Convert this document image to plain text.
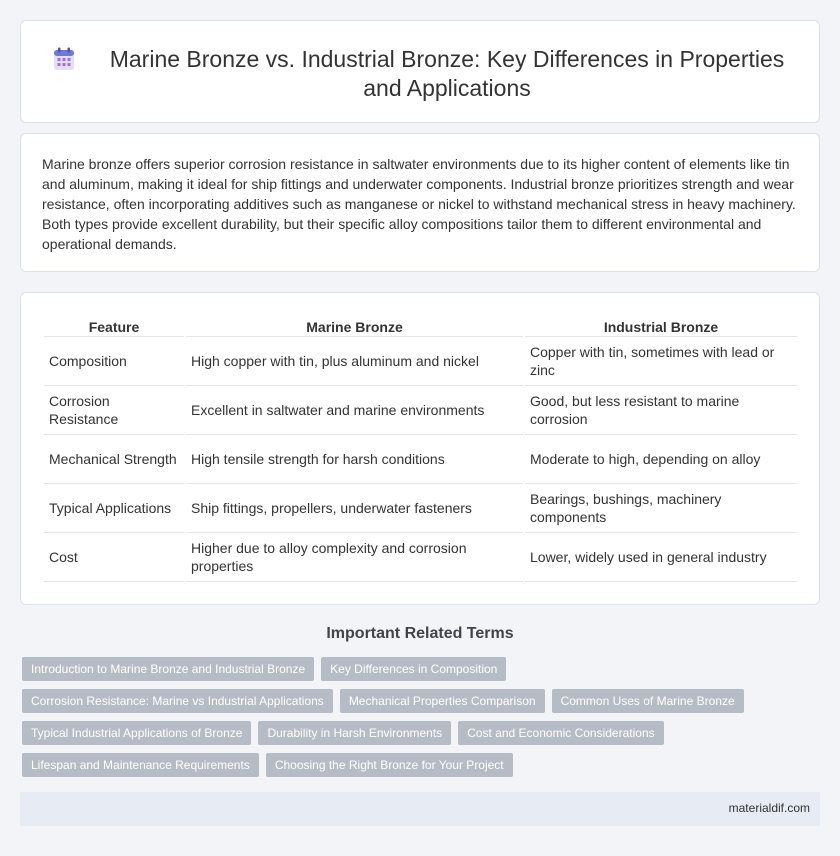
Marine Bronze vs. Industrial Bronze: Key Differences in Properties and Applications

Marine bronze offers superior corrosion resistance in saltwater environments due to its higher content of elements like tin and aluminum, making it ideal for ship fittings and underwater components. Industrial bronze prioritizes strength and wear resistance, often incorporating additives such as manganese or nickel to withstand mechanical stress in heavy machinery. Both types provide excellent durability, but their specific alloy compositions tailor them to different environmental and operational demands.

Feature	Marine Bronze	Industrial Bronze
Composition	High copper with tin, plus aluminum and nickel	Copper with tin, sometimes with lead or zinc
Corrosion Resistance	Excellent in saltwater and marine environments	Good, but less resistant to marine corrosion
Mechanical Strength	High tensile strength for harsh conditions	Moderate to high, depending on alloy
Typical Applications	Ship fittings, propellers, underwater fasteners	Bearings, bushings, machinery components
Cost	Higher due to alloy complexity and corrosion properties	Lower, widely used in general industry
Important Related Terms
Introduction to Marine Bronze and Industrial Bronze	Key Differences in Composition
Corrosion Resistance: Marine vs Industrial Applications	Mechanical Properties Comparison	Common Uses of Marine Bronze
Typical Industrial Applications of Bronze	Durability in Harsh Environments	Cost and Economic Considerations
Lifespan and Maintenance Requirements	Choosing the Right Bronze for Your Project
materialdif.com
